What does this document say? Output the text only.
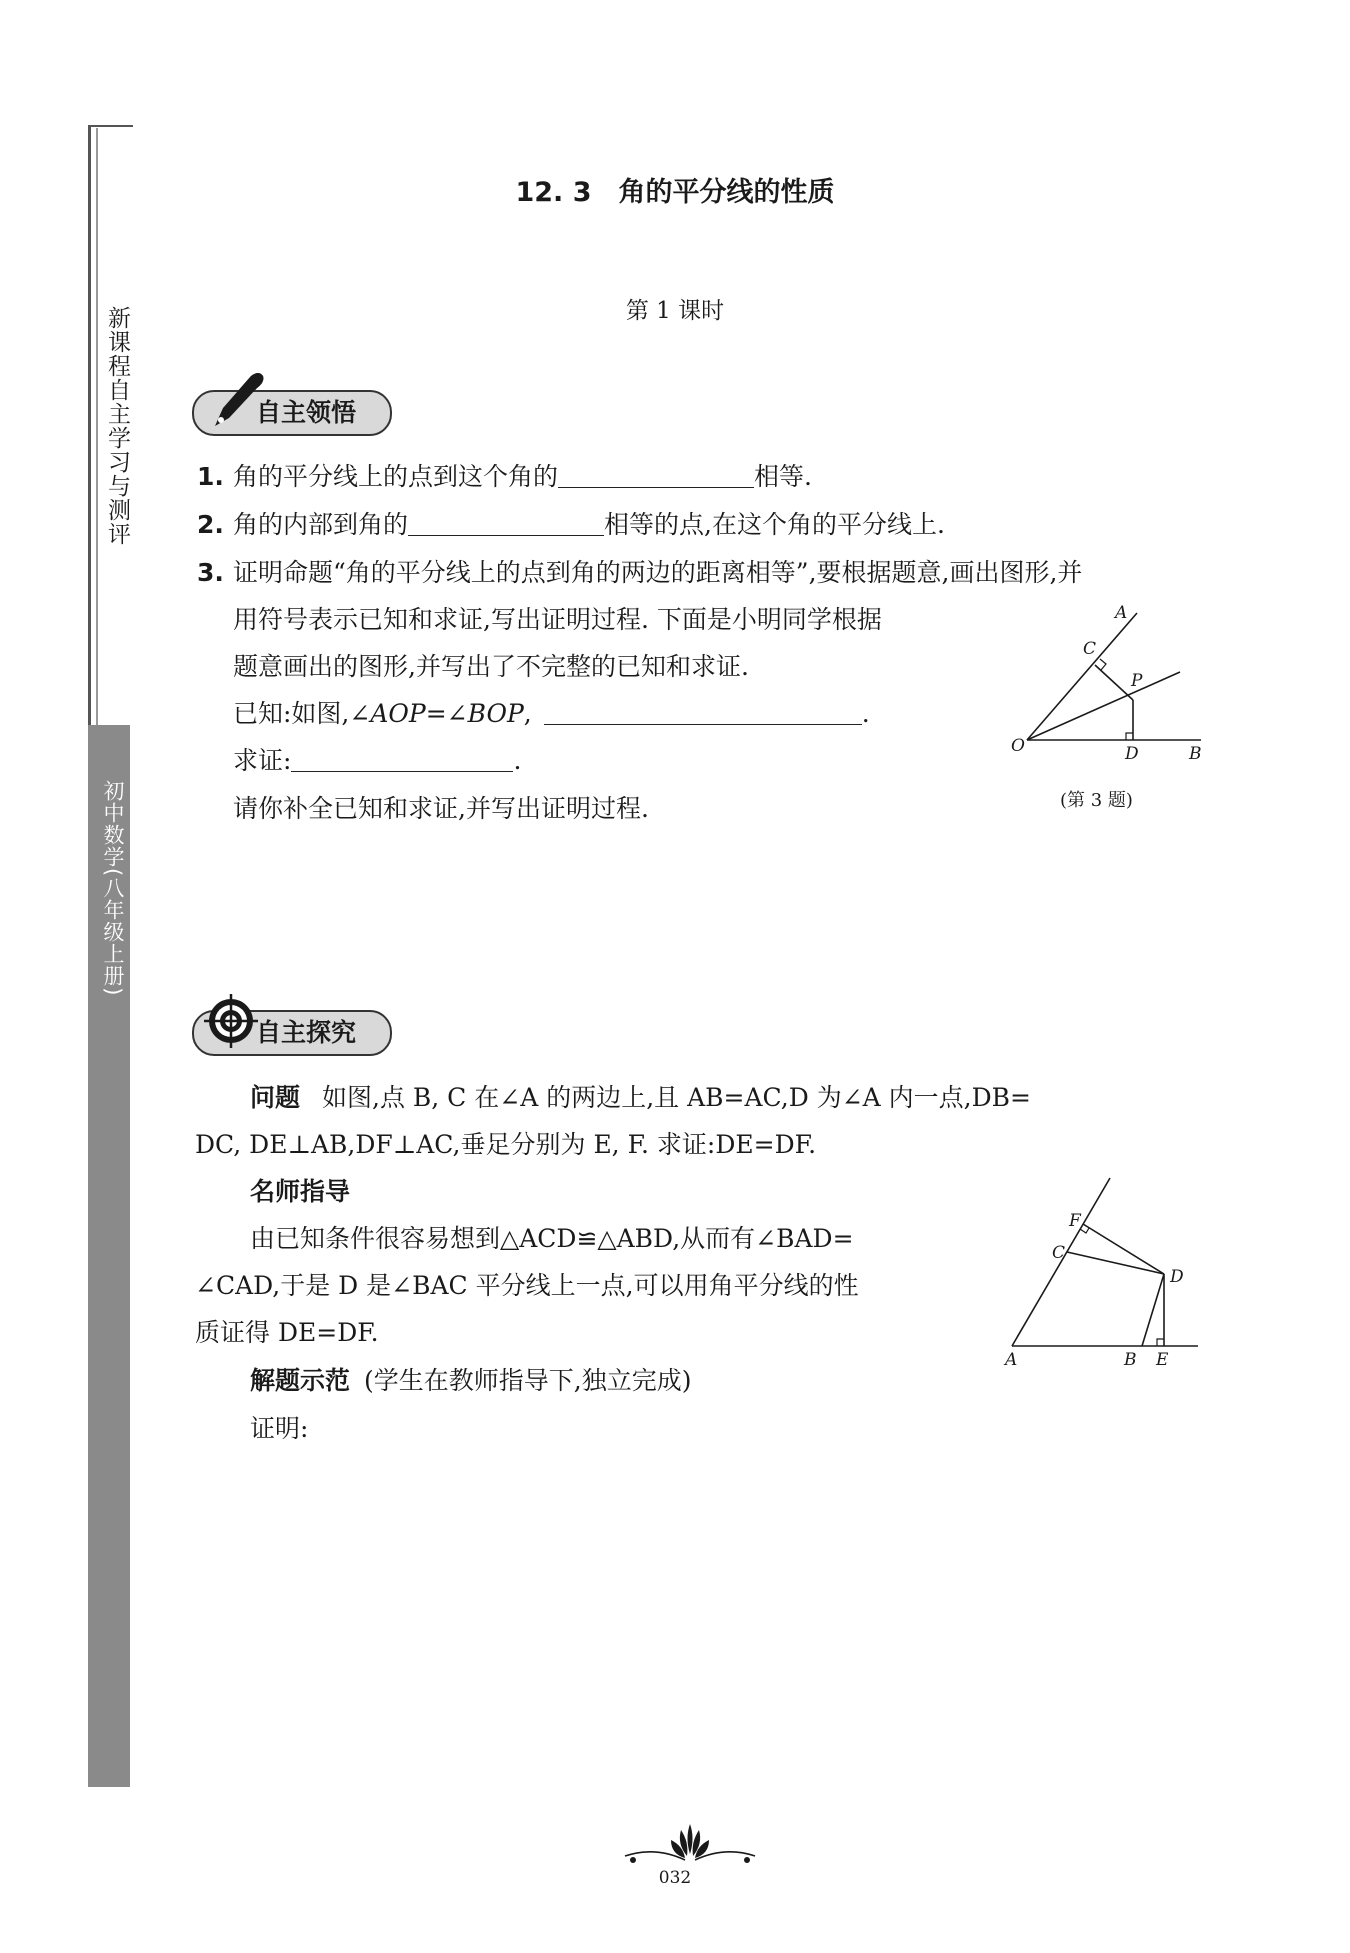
新课程自主学习与测评
初中数学(八年级上册)
12. 3　角的平分线的性质
第 1 课时
自主领悟
1. 角的平分线上的点到这个角的	相等.
2. 角的内部到角的	相等的点,在这个角的平分线上.
3. 证明命题“角的平分线上的点到角的两边的距离相等”,要根据题意,画出图形,并
用符号表示已知和求证,写出证明过程. 下面是小明同学根据
题意画出的图形,并写出了不完整的已知和求证.
已知:如图,∠AOP=∠BOP,	.
求证:	.
请你补全已知和求证,并写出证明过程.
A
C
P
O	D	B
(第 3 题)
自主探究
问题 如图,点 B, C 在∠A 的两边上,且 AB=AC,D 为∠A 内一点,DB=
DC, DE⊥AB,DF⊥AC,垂足分别为 E, F. 求证:DE=DF.
名师指导
由已知条件很容易想到△ACD≌△ABD,从而有∠BAD=
∠CAD,于是 D 是∠BAC 平分线上一点,可以用角平分线的性
质证得 DE=DF.
解题示范 (学生在教师指导下,独立完成)
证明:
F
C
D
A	B E
032
